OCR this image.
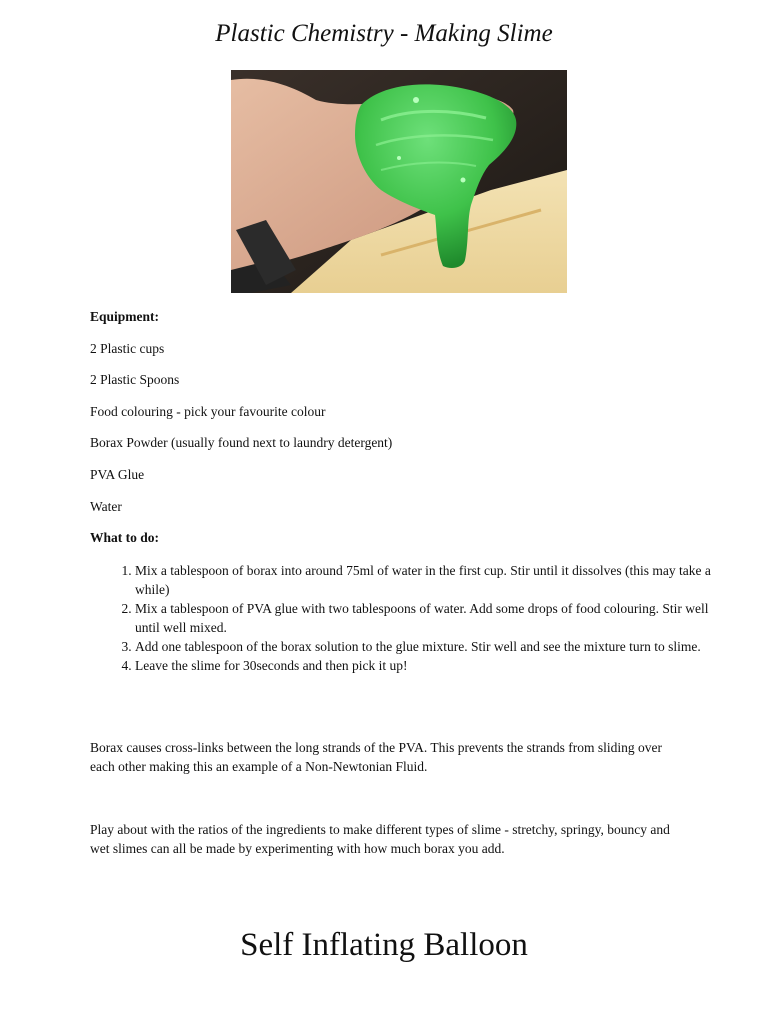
Plastic Chemistry - Making Slime

Equipment:

2 Plastic cups

2 Plastic Spoons

Food colouring - pick your favourite colour

Borax Powder (usually found next to laundry detergent)

PVA Glue

Water

What to do:

1. Mix a tablespoon of borax into around 75ml of water in the first cup. Stir until it dissolves (this may take a while)
2. Mix a tablespoon of PVA glue with two tablespoons of water. Add some drops of food colouring. Stir well until well mixed.
3. Add one tablespoon of the borax solution to the glue mixture. Stir well and see the mixture turn to slime.
4. Leave the slime for 30seconds and then pick it up!

Borax causes cross-links between the long strands of the PVA. This prevents the strands from sliding over each other making this an example of a Non-Newtonian Fluid.

Play about with the ratios of the ingredients to make different types of slime - stretchy, springy, bouncy and wet slimes can all be made by experimenting with how much borax you add.

Self Inflating Balloon
